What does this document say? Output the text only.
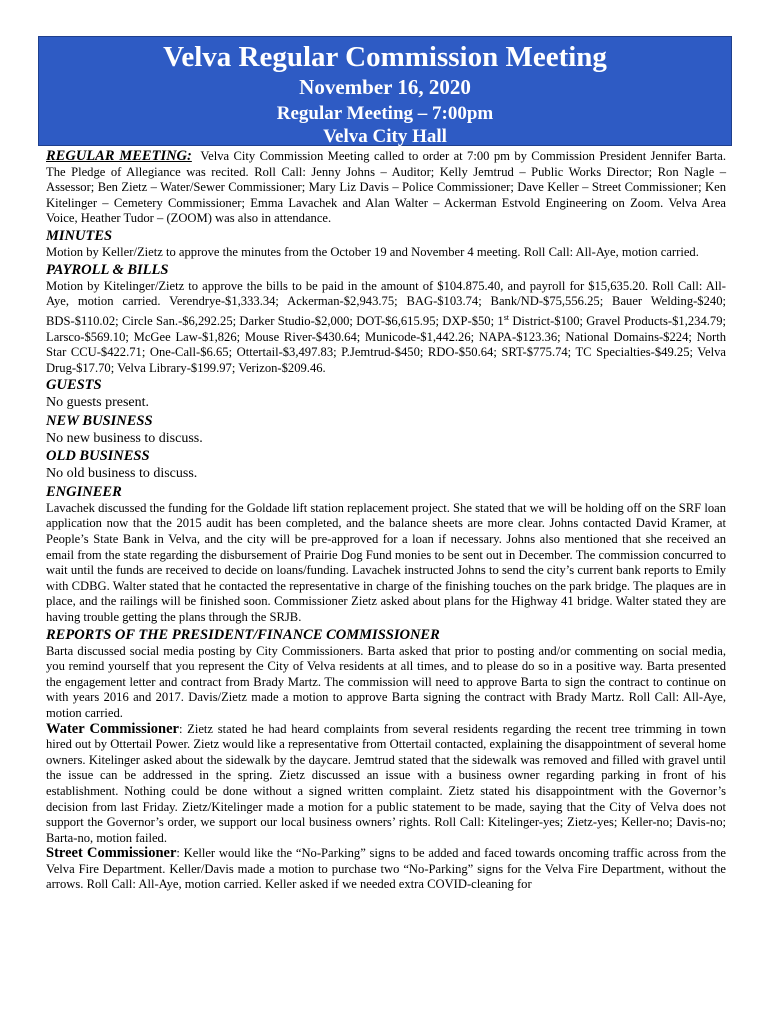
Velva Regular Commission Meeting
November 16, 2020
Regular Meeting – 7:00pm
Velva City Hall

REGULAR MEETING: Velva City Commission Meeting called to order at 7:00 pm by Commission President Jennifer Barta. The Pledge of Allegiance was recited. Roll Call: Jenny Johns – Auditor; Kelly Jemtrud – Public Works Director; Ron Nagle – Assessor; Ben Zietz – Water/Sewer Commissioner; Mary Liz Davis – Police Commissioner; Dave Keller – Street Commissioner; Ken Kitelinger – Cemetery Commissioner; Emma Lavachek and Alan Walter – Ackerman Estvold Engineering on Zoom. Velva Area Voice, Heather Tudor – (ZOOM) was also in attendance.

MINUTES

Motion by Keller/Zietz to approve the minutes from the October 19 and November 4 meeting. Roll Call: All-Aye, motion carried.

PAYROLL & BILLS

Motion by Kitelinger/Zietz to approve the bills to be paid in the amount of $104.875.40, and payroll for $15,635.20. Roll Call: All-Aye, motion carried. Verendrye-$1,333.34; Ackerman-$2,943.75; BAG-$103.74; Bank/ND-$75,556.25; Bauer Welding-$240; BDS-$110.02; Circle San.-$6,292.25; Darker Studio-$2,000; DOT-$6,615.95; DXP-$50; 1st District-$100; Gravel Products-$1,234.79; Larsco-$569.10; McGee Law-$1,826; Mouse River-$430.64; Municode-$1,442.26; NAPA-$123.36; National Domains-$224; North Star CCU-$422.71; One-Call-$6.65; Ottertail-$3,497.83; P.Jemtrud-$450; RDO-$50.64; SRT-$775.74; TC Specialties-$49.25; Velva Drug-$17.70; Velva Library-$199.97; Verizon-$209.46.

GUESTS

No guests present.

NEW BUSINESS

No new business to discuss.

OLD BUSINESS

No old business to discuss.

ENGINEER

Lavachek discussed the funding for the Goldade lift station replacement project. She stated that we will be holding off on the SRF loan application now that the 2015 audit has been completed, and the balance sheets are more clear. Johns contacted David Kramer, at People’s State Bank in Velva, and the city will be pre-approved for a loan if necessary. Johns also mentioned that she received an email from the state regarding the disbursement of Prairie Dog Fund monies to be sent out in December. The commission concurred to wait until the funds are received to decide on loans/funding. Lavachek instructed Johns to send the city’s current bank reports to Emily with CDBG. Walter stated that he contacted the representative in charge of the finishing touches on the park bridge. The plaques are in place, and the railings will be finished soon. Commissioner Zietz asked about plans for the Highway 41 bridge. Walter stated they are having trouble getting the plans through the SRJB.

REPORTS OF THE PRESIDENT/FINANCE COMMISSIONER

Barta discussed social media posting by City Commissioners. Barta asked that prior to posting and/or commenting on social media, you remind yourself that you represent the City of Velva residents at all times, and to please do so in a positive way. Barta presented the engagement letter and contract from Brady Martz. The commission will need to approve Barta to sign the contract to continue on with years 2016 and 2017. Davis/Zietz made a motion to approve Barta signing the contract with Brady Martz. Roll Call: All-Aye, motion carried.

Water Commissioner: Zietz stated he had heard complaints from several residents regarding the recent tree trimming in town hired out by Ottertail Power. Zietz would like a representative from Ottertail contacted, explaining the disappointment of several home owners. Kitelinger asked about the sidewalk by the daycare. Jemtrud stated that the sidewalk was removed and filled with gravel until the issue can be addressed in the spring. Zietz discussed an issue with a business owner regarding parking in front of his establishment. Nothing could be done without a signed written complaint. Zietz stated his disappointment with the Governor’s decision from last Friday. Zietz/Kitelinger made a motion for a public statement to be made, saying that the City of Velva does not support the Governor’s order, we support our local business owners’ rights. Roll Call: Kitelinger-yes; Zietz-yes; Keller-no; Davis-no; Barta-no, motion failed.

Street Commissioner: Keller would like the “No-Parking” signs to be added and faced towards oncoming traffic across from the Velva Fire Department. Keller/Davis made a motion to purchase two “No-Parking” signs for the Velva Fire Department, without the arrows. Roll Call: All-Aye, motion carried. Keller asked if we needed extra COVID-cleaning for
